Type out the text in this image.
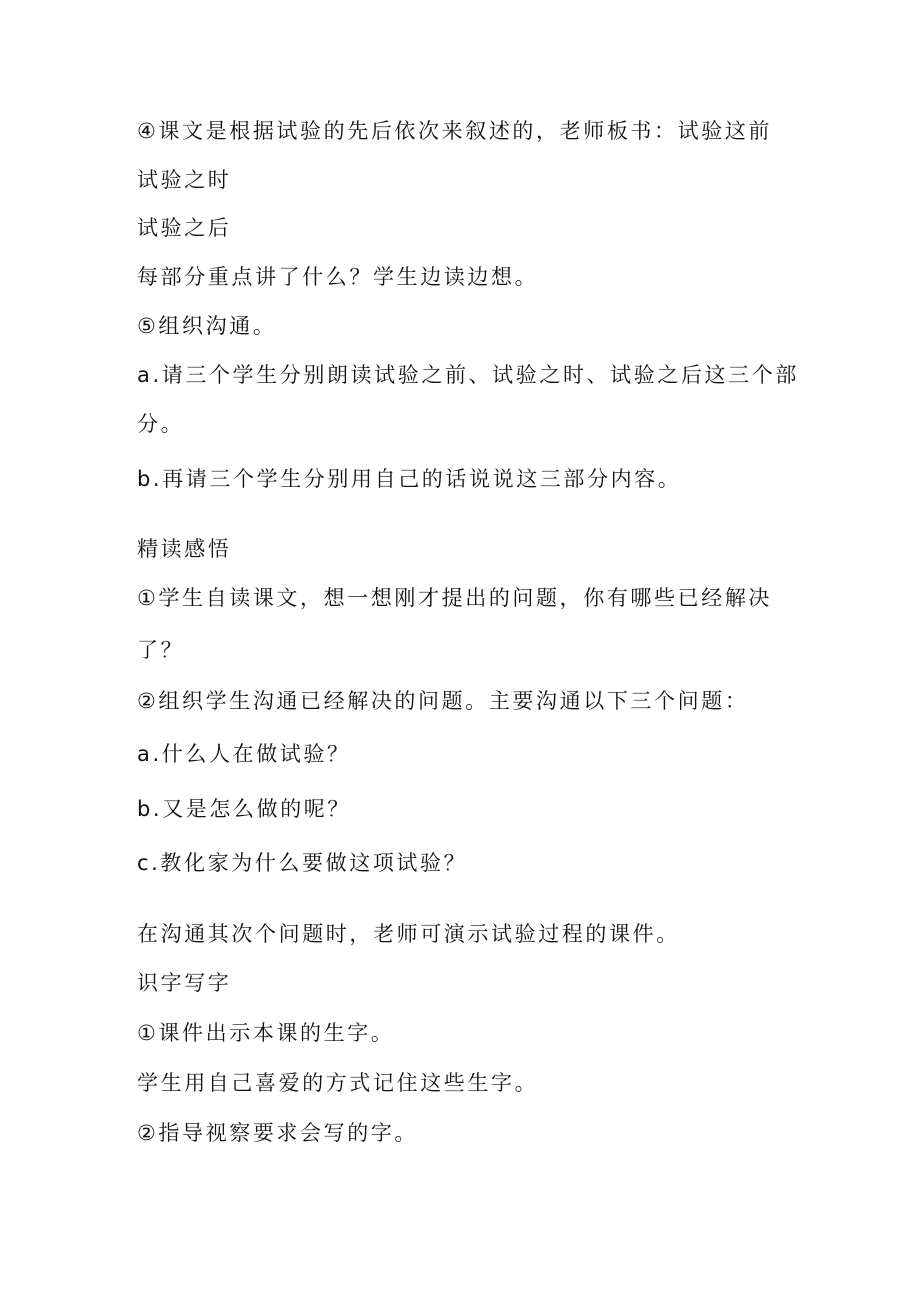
④课文是根据试验的先后依次来叙述的，老师板书：试验这前
试验之时
试验之后
每部分重点讲了什么？学生边读边想。
⑤组织沟通。
a.请三个学生分别朗读试验之前、试验之时、试验之后这三个部
分。
b.再请三个学生分别用自己的话说说这三部分内容。
精读感悟
①学生自读课文，想一想刚才提出的问题，你有哪些已经解决
了？
②组织学生沟通已经解决的问题。主要沟通以下三个问题：
a.什么人在做试验？
b.又是怎么做的呢？
c.教化家为什么要做这项试验？
在沟通其次个问题时，老师可演示试验过程的课件。
识字写字
①课件出示本课的生字。
学生用自己喜爱的方式记住这些生字。
②指导视察要求会写的字。
